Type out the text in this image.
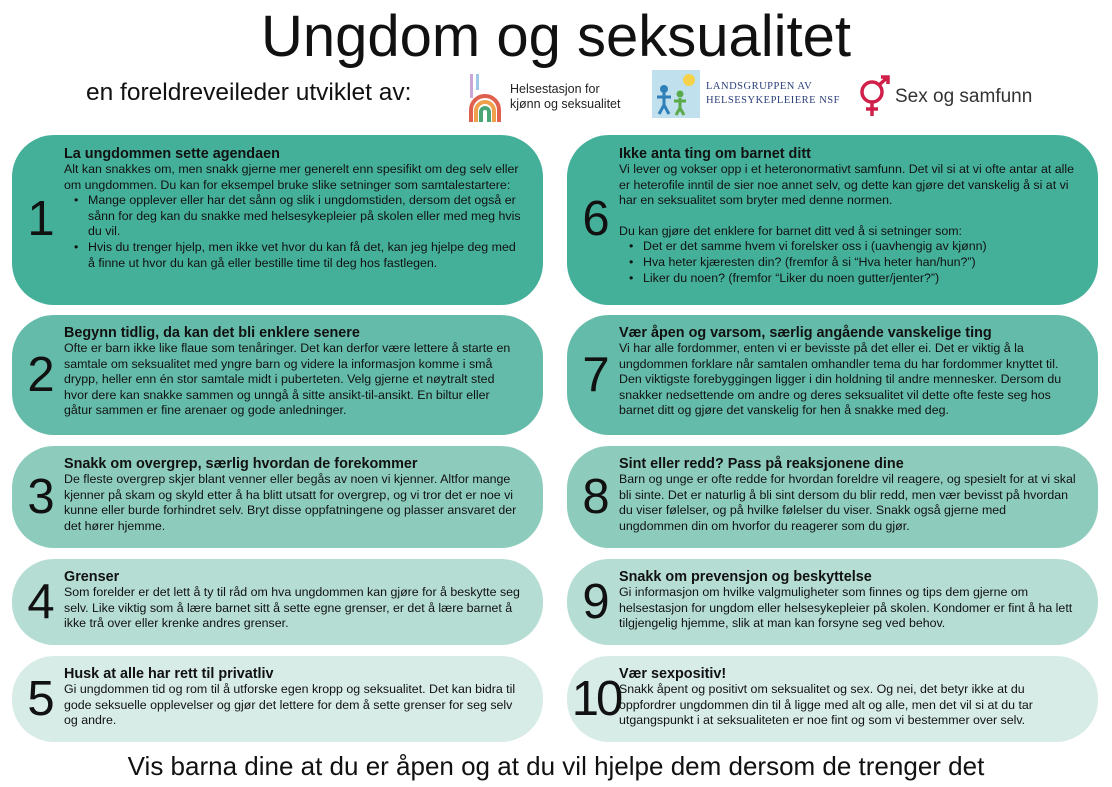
Ungdom og seksualitet
en foreldreveileder utviklet av:	Helsestasjon for
kjønn og seksualitet
LANDSGRUPPEN AV
HELSESYKEPLEIERE NSF	Sex og samfunn
1
La ungdommen sette agendaen

Alt kan snakkes om, men snakk gjerne mer generelt enn spesifikt om deg selv eller om ungdommen. Du kan for eksempel bruke slike setninger som samtalestartere:

• Mange opplever eller har det sånn og slik i ungdomstiden, dersom det også er sånn for deg kan du snakke med helsesykepleier på skolen eller med meg hvis du vil.
• Hvis du trenger hjelp, men ikke vet hvor du kan få det, kan jeg hjelpe deg med å finne ut hvor du kan gå eller bestille time til deg hos fastlegen.
6
Ikke anta ting om barnet ditt

Vi lever og vokser opp i et heteronormativt samfunn. Det vil si at vi ofte antar at alle er heterofile inntil de sier noe annet selv, og dette kan gjøre det vanskelig å si at vi har en seksualitet som bryter med denne normen.

Du kan gjøre det enklere for barnet ditt ved å si setninger som:

• Det er det samme hvem vi forelsker oss i (uavhengig av kjønn)
• Hva heter kjæresten din? (fremfor å si “Hva heter han/hun?”)
• Liker du noen? (fremfor “Liker du noen gutter/jenter?”)
2
Begynn tidlig, da kan det bli enklere senere

Ofte er barn ikke like flaue som tenåringer. Det kan derfor være lettere å starte en samtale om seksualitet med yngre barn og videre la informasjon komme i små drypp, heller enn én stor samtale midt i puberteten. Velg gjerne et nøytralt sted hvor dere kan snakke sammen og unngå å sitte ansikt-til-ansikt. En biltur eller gåtur sammen er fine arenaer og gode anledninger.

7
Vær åpen og varsom, særlig angående vanskelige ting

Vi har alle fordommer, enten vi er bevisste på det eller ei. Det er viktig å la ungdommen forklare når samtalen omhandler tema du har fordommer knyttet til. Den viktigste forebyggingen ligger i din holdning til andre mennesker. Dersom du snakker nedsettende om andre og deres seksualitet vil dette ofte feste seg hos barnet ditt og gjøre det vanskelig for hen å snakke med deg.

3
Snakk om overgrep, særlig hvordan de forekommer

De fleste overgrep skjer blant venner eller begås av noen vi kjenner. Altfor mange kjenner på skam og skyld etter å ha blitt utsatt for overgrep, og vi tror det er noe vi kunne eller burde forhindret selv. Bryt disse oppfatningene og plasser ansvaret der det hører hjemme.

8
Sint eller redd? Pass på reaksjonene dine

Barn og unge er ofte redde for hvordan foreldre vil reagere, og spesielt for at vi skal bli sinte. Det er naturlig å bli sint dersom du blir redd, men vær bevisst på hvordan du viser følelser, og på hvilke følelser du viser. Snakk også gjerne med ungdommen din om hvorfor du reagerer som du gjør.

4 Grenser

Som forelder er det lett å ty til råd om hva ungdommen kan gjøre for å beskytte seg selv. Like viktig som å lære barnet sitt å sette egne grenser, er det å lære barnet å ikke trå over eller krenke andres grenser.	9 Snakk om prevensjon og beskyttelse

Gi informasjon om hvilke valgmuligheter som finnes og tips dem gjerne om helsestasjon for ungdom eller helsesykepleier på skolen. Kondomer er fint å ha lett tilgjengelig hjemme, slik at man kan forsyne seg ved behov.

5 Husk at alle har rett til privatliv

Gi ungdommen tid og rom til å utforske egen kropp og seksualitet. Det kan bidra til gode seksuelle opplevelser og gjør det lettere for dem å sette grenser for seg selv og andre.	10
Vær sexpositiv!

Snakk åpent og positivt om seksualitet og sex. Og nei, det betyr ikke at du oppfordrer ungdommen din til å ligge med alt og alle, men det vil si at du tar utgangspunkt i at seksualiteten er noe fint og som vi bestemmer over selv.

Vis barna dine at du er åpen og at du vil hjelpe dem dersom de trenger det
